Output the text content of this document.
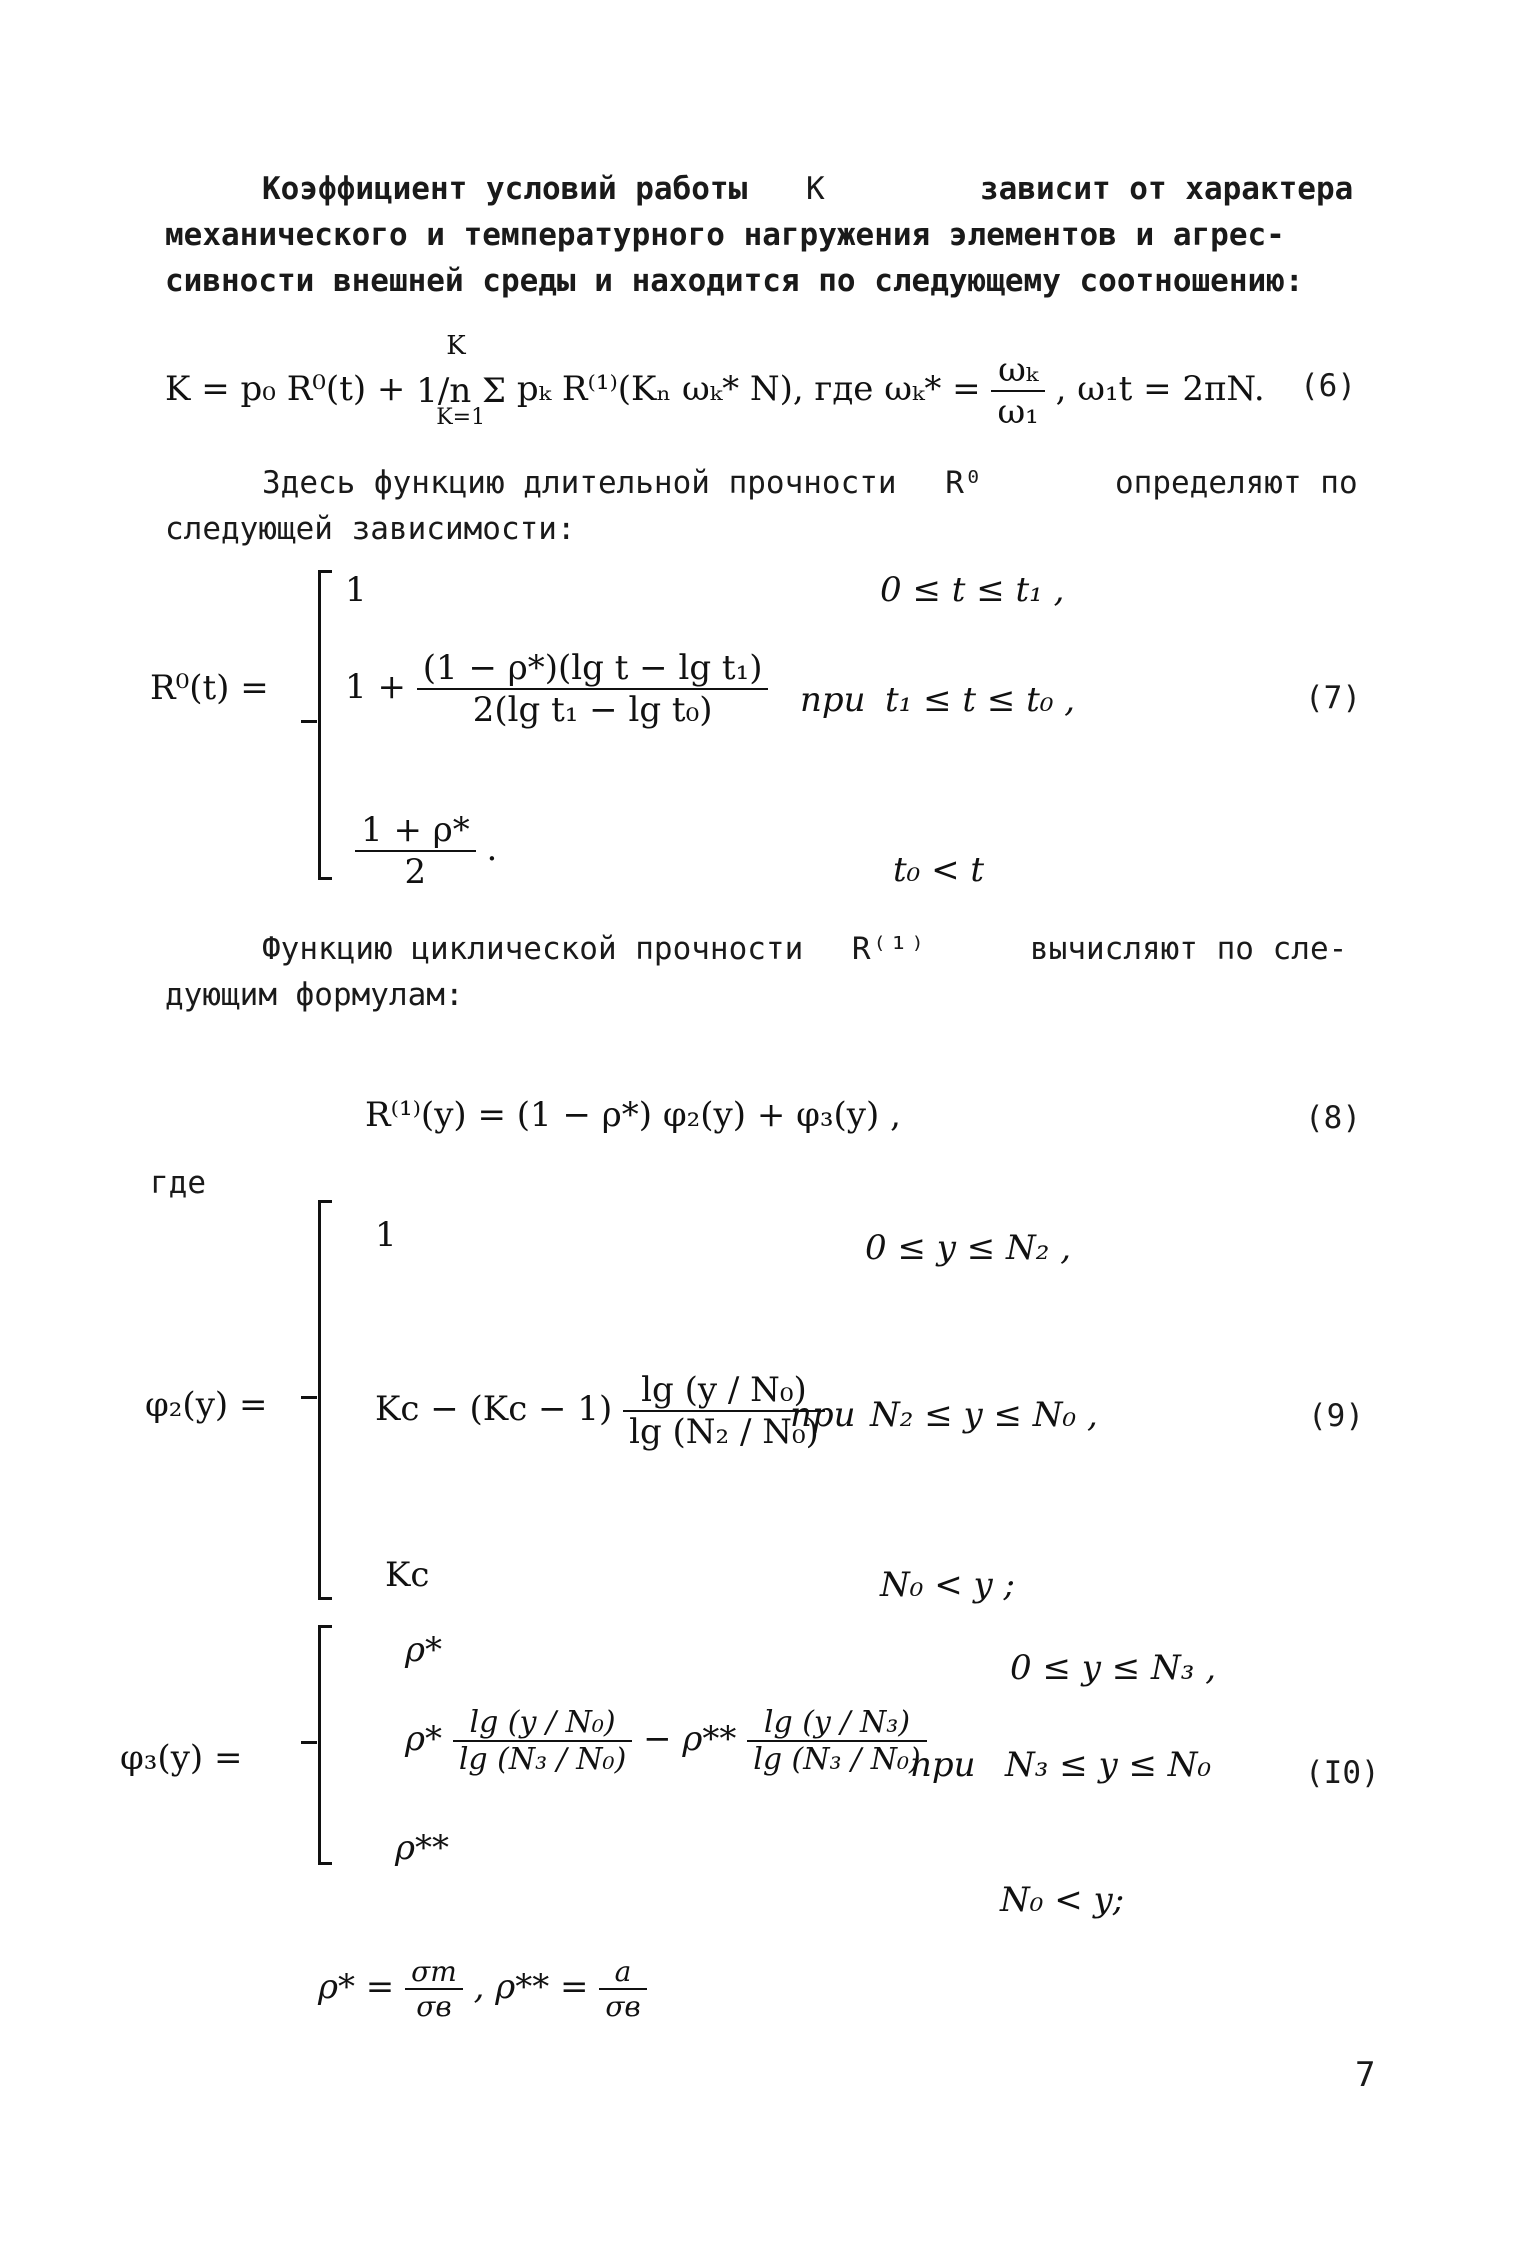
Коэффициент условий работы K	зависит от характера
механического и температурного нагружения элементов и агрес-
сивности внешней среды и находится по следующему соотношению:
K = p₀ R⁰(t) +
K
1/n Σ
K=1
pₖ R⁽¹⁾(Kₙ ωₖ* N), где $\omega_k* = \frac{\text{ωₖ}}{\text{ω₁}}$ , ω₁t = 2πN. (6)
Здесь функцию длительной прочности R⁰	определяют по
следующей зависимости:
R⁰(t) =
1	0 ≤ t ≤ t₁ ,
$1 + \frac{\text{(1 − ρ*)(lg t − lg t₁)}}{\text{2(lg t₁ − lg t₀)}}$ при t₁ ≤ t ≤ t₀ ,	(7)
$\frac{1 + \rho*}{2}$ .
t₀ < t
Функцию циклической прочности R⁽¹⁾	вычисляют по сле-
дующим формулам:
R⁽¹⁾(y) = (1 − ρ*) φ₂(y) + φ₃(y) ,	(8)
где
φ₂(y) =
1	0 ≤ y ≤ N₂ ,
$Kc - (Kc - 1) \frac{\text{lg (y / N₀)}}{\text{lg (N₂ / N₀)}}$
при N₂ ≤ y ≤ N₀ ,	(9)
Kc	N₀ < y ;
φ₃(y) =
ρ*	0 ≤ y ≤ N₃ ,
$\rho* \frac{\text{lg (y / N₀)}}{\text{lg (N₃ / N₀)}} - \rho** \frac{\text{lg (y / N₃)}}{\text{lg (N₃ / N₀)}}$
при N₃ ≤ y ≤ N₀	(I0)
ρ**
N₀ < y;
$\rho* = \frac{\sigma т}{\sigma в}$ , $\rho** = \frac{a}{\sigma в}$
7
